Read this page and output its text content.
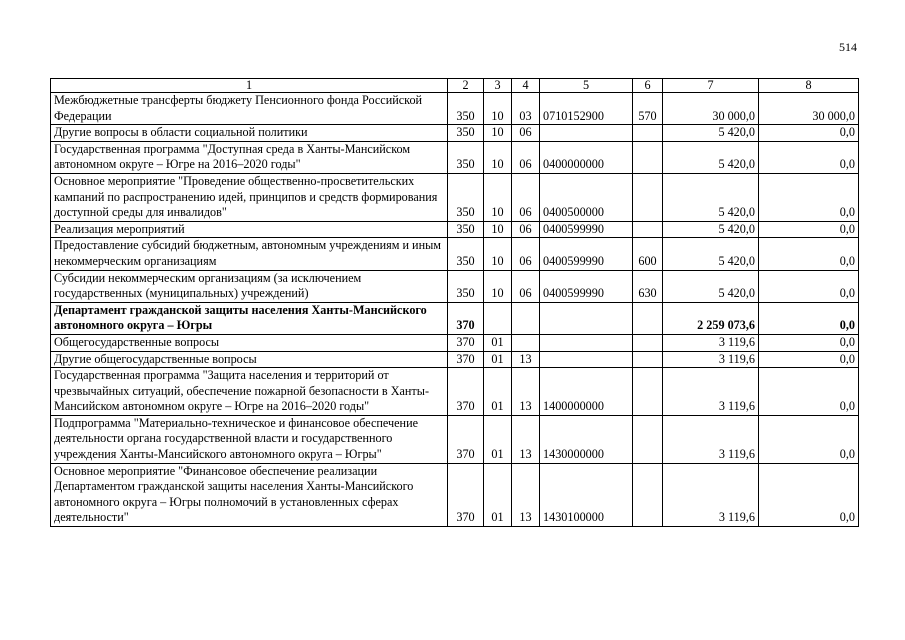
514
1	2	3	4	5	6	7	8
Межбюджетные трансферты бюджету Пенсионного фонда Российской Федерации	350	10	03	0710152900	570	30 000,0	30 000,0
Другие вопросы в области социальной политики	350	10	06			5 420,0	0,0
Государственная программа "Доступная среда в Ханты-Мансийском автономном округе – Югре на 2016–2020 годы"	350	10	06	0400000000		5 420,0	0,0
Основное мероприятие "Проведение общественно-просветительских кампаний по распространению идей, принципов и средств формирования доступной среды для инвалидов"	350	10	06	0400500000		5 420,0	0,0
Реализация мероприятий	350	10	06	0400599990		5 420,0	0,0
Предоставление субсидий бюджетным, автономным учреждениям и иным некоммерческим организациям	350	10	06	0400599990	600	5 420,0	0,0
Субсидии некоммерческим организациям (за исключением государственных (муниципальных) учреждений)	350	10	06	0400599990	630	5 420,0	0,0
Департамент гражданской защиты населения Ханты-Мансийского автономного округа – Югры	370					2 259 073,6	0,0
Общегосударственные вопросы	370	01				3 119,6	0,0
Другие общегосударственные вопросы	370	01	13			3 119,6	0,0
Государственная программа "Защита населения и территорий от чрезвычайных ситуаций, обеспечение пожарной безопасности в Ханты-Мансийском автономном округе – Югре на 2016–2020 годы"	370	01	13	1400000000		3 119,6	0,0
Подпрограмма "Материально-техническое и финансовое обеспечение деятельности органа государственной власти и государственного учреждения Ханты-Мансийского автономного округа – Югры"	370	01	13	1430000000		3 119,6	0,0
Основное мероприятие "Финансовое обеспечение реализации Департаментом гражданской защиты населения Ханты-Мансийского автономного округа – Югры полномочий в установленных сферах деятельности"	370	01	13	1430100000		3 119,6	0,0
